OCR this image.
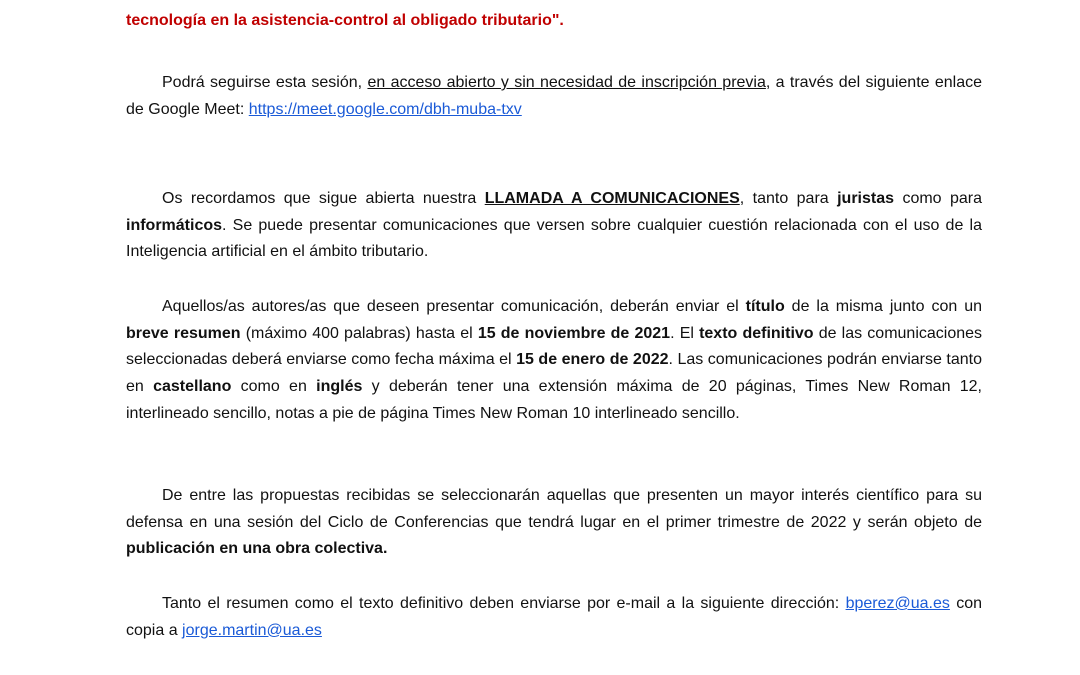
tecnología en la asistencia-control al obligado tributario".

Podrá seguirse esta sesión, en acceso abierto y sin necesidad de inscripción previa, a través del siguiente enlace de Google Meet: https://meet.google.com/dbh-muba-txv

Os recordamos que sigue abierta nuestra LLAMADA A COMUNICACIONES, tanto para juristas como para informáticos. Se puede presentar comunicaciones que versen sobre cualquier cuestión relacionada con el uso de la Inteligencia artificial en el ámbito tributario.

Aquellos/as autores/as que deseen presentar comunicación, deberán enviar el título de la misma junto con un breve resumen (máximo 400 palabras) hasta el 15 de noviembre de 2021. El texto definitivo de las comunicaciones seleccionadas deberá enviarse como fecha máxima el 15 de enero de 2022. Las comunicaciones podrán enviarse tanto en castellano como en inglés y deberán tener una extensión máxima de 20 páginas, Times New Roman 12, interlineado sencillo, notas a pie de página Times New Roman 10 interlineado sencillo.

De entre las propuestas recibidas se seleccionarán aquellas que presenten un mayor interés científico para su defensa en una sesión del Ciclo de Conferencias que tendrá lugar en el primer trimestre de 2022 y serán objeto de publicación en una obra colectiva.

Tanto el resumen como el texto definitivo deben enviarse por e-mail a la siguiente dirección: bperez@ua.es con copia a jorge.martin@ua.es
